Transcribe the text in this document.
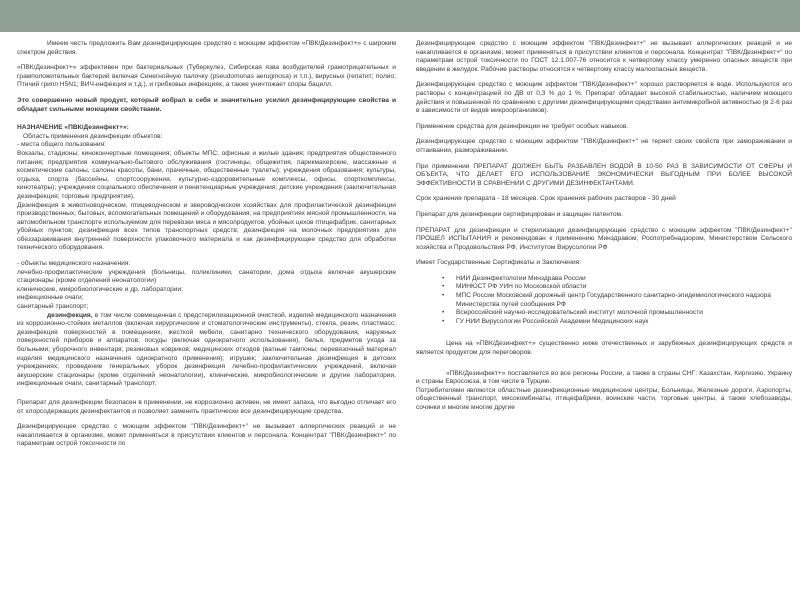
Имеем честь предложить Вам дезинфицирующее средство с моющим эффектом «ПВК/Дезинфект+» с широким спектром действия.

«ПВК/Дезинфект+» эффективен при бактериальных (Туберкулез, Сибирская язва возбудителей грамотрицательных и грамположительных бактерий включая Синегнойную палочку (pseudomonas aeruginosa) и т.п.), вирусных (гепатит; полио; Птичий грипп H5N1; ВИЧ-инфекция и т.д.), и грибковых инфекциях, а также уничтожает споры бацилл.

Это совершенно новый продукт, который вобрал в себя и значительно усилил дезинфицирующие свойства и обладает сильными моющими свойствами.

НАЗНАЧЕНИЕ «ПВК/Дезинфект+»:

Область применения дезинфекции объектов:

- места общего пользования:

Вокзалы, стадионы; кинокончертные помещения; объекты МПС; офисные и жилые здания; предприятия общественного питания; предприятия коммунально-бытового обслуживания (гостиницы, общежития, парикмахерские, массажные и косметические салоны, салоны красоты, бани, прачечные, общественные туалеты); учреждения образования; культуры, отдыха, спорта (бассейны, спортсооружения, культурно-оздоровительные комплексы, офисы, спорткомплексы, кинотеатры); учреждения социального обеспечения и пенитенциарные учреждения; детские учреждения (заключительная дезинфекция; торговые предприятия).

Дезинфекция в животноводческом, птицеводческом и звероводческом хозяйствах для профилактической дезинфекции производственных, бытовых, вспомогательных помещений и оборудования; на предприятиях мясной промышленности, на автомобильном транспорте используемом для перевозки мяса и мясопродуктов; убойных цехов птицефабрик, санитарных убойных пунктов; дезинфекция всех типов транспортных средств; дезинфекция на молочных предприятиях для обеззараживания внутренней поверхности упаковочного материала и как дезинфицирующее средство для обработки технического оборудования.

- объекты медицинского назначения:

лечебно-профилактические учреждения (больницы, поликлиники, санатории, дома отдыха включая акушерские стационары (кроме отделений неонатологии)

клинические, микробиологические и др. лаборатории;

инфекционные очаги;

санитарный транспорт;

дезинфекция, в том числе совмещенная с предстерилизационной очисткой, изделий медицинского назначения из коррозионно-стойких металлов (включая хирургические и стоматологические инструменты), стекла, резин, пластмасс; дезинфекция поверхностей в помещениях, жесткой мебели, санитарно технического оборудования, наружных поверхностей приборов и аппаратов; посуды (включая однократного использования), белья, предметов ухода за больными; уборочного инвентаря; резиновых ковриков; медицинских отходов (ватные тампоны; перевязочный материал изделия медицинского назначения однократного применения); игрушек; заключительная дезинфекция в детских учреждениях; проведение генеральных уборок дезинфекция лечебно-профилактических учреждений, включая акушерские стационары (кроме отделений неонатологии), клинические, микробиологические и другие лаборатории, инфекционные очаги, санитарный транспорт;

Препарат для дезинфекции безопасен в применении, не коррозионно активен, не имеет запаха, что выгодно отличает его от хлорсодержащих дезинфектантов и позволяет заменить практически все дезинфицирующие средства.

Дезинфицирующее средство с моющим эффектом "ПВК/Дезинфект+" не вызывает аллергических реакций и не накапливается в организме, может применяться в присутствии клиентов и персонала. Концентрат "ПВК/Дезинфект+" по параметрам острой токсичности по

Дезинфицирующее средство с моющим эффектом "ПВК/Дезинфект+" не вызывает аллергических реакций и не накапливается в организме, может применяться в присутствии клиентов и персонала. Концентрат "ПВК/Дезинфект+" по параметрам острой токсичности по ГОСТ 12.1.007-76 относится к четвертому классу умеренно опасных веществ при введении в желудок. Рабочие растворы относятся к четвертому классу малоопасных веществ.

Дезинфицирующее средство с моющим эффектом "ПВК/Дезинфект+" хорошо растворяется в воде. Используются его растворы с концентрацией по ДВ от 0,3 % до 1 %. Препарат обладает высокой стабильностью, наличием моющего действия и повышенной по сравнению с другими дезинфицирующими средствами антимикробной активностью (в 2-6 раз в зависимости от видов микроорганизмов).

Применение средства для дезинфекции не требует особых навыков.

Дезинфицирующее средство с моющим эффектом "ПВК/Дезинфект+" не теряет своих свойств при замораживании и оттаивании, размораживании.

При применении ПРЕПАРАТ ДОЛЖЕН БЫТЬ РАЗБАВЛЕН ВОДОЙ В 10-50 РАЗ В ЗАВИСИМОСТИ ОТ СФЕРЫ И ОБЪЕКТА, ЧТО ДЕЛАЕТ ЕГО ИСПОЛЬЗОВАНИЕ ЭКОНОМИЧЕСКИ ВЫГОДНЫМ ПРИ БОЛЕЕ ВЫСОКОЙ ЭФФЕКТИВНОСТИ В СРАВНЕНИИ С ДРУГИМИ ДЕЗИНФЕКТАНТАМИ.

Срок хранения препарата - 18 месяцев. Срок хранения рабочих растворов - 30 дней

Препарат для дезинфекции сертифицирован и защищен патентом.

ПРЕПАРАТ для дезинфекции и стерилизации дезинфицирующее средство с моющим эффектом "ПВК/Дезинфект+" ПРОШЕЛ ИСПЫТАНИЯ и рекомендован к применению Минздравом, Роспотребнадзором, Министерством Сельского хозяйства и Продовольствия РФ, Институтом Вирусологии РФ

Имеет Государственные Сертификаты и Заключения:

• НИИ Дезинфектологии Минздрава России
• МИНЮСТ РФ УИН по Московской области
• МПС России Московский дорожный центр Государственного санитарно-эпидемиологического надзора Министерства путей сообщения РФ
• Всероссийский научно-исследовательский институт молочной промышленности
• ГУ НИИ Вирусологии Российской Академии Медицинских наук

Цена на «ПВК/Дезинфект+» существенно ниже отечественных и зарубежных дезинфицирующих средств и является продуктом для переговоров.

«ПВК/Дезинфект+» поставляется во все регионы России, а также в страны СНГ: Казахстан, Киргизию, Украину и страны Евросоюза, в том числе в Турцию.

Потребителями являются областные дезинфекционные медицинские центры, Больницы, Железные дороги, Аэропорты, общественный транспорт, мясокомбинаты, птицефабрики, воинские части, торговые центры, а также хлебозаводы, сочинки и многие многие другие
